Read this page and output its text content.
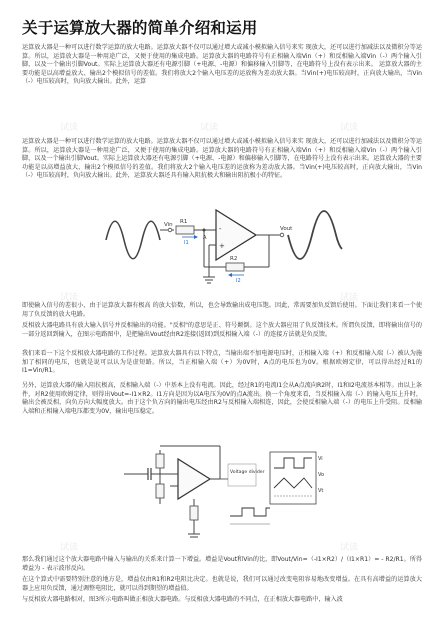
关于运算放大器的简单介绍和运用
运算放大器是一种可以进行数学运算的放大电路。运算放大器不仅可以通过增大或减小模拟输入信号来实 现放大，还可以进行加减法以及微积分等运算。所以，运算放大器是一种用途广泛，又便于使用的集成电路。运算放大器的电路符号有正相输入端Vin（+）和反相输入端Vin（-）两个输入引脚，以及一个输出引脚Vout。实际上运算放大器还有电源引脚（+电源、-电源）和偏移输入引脚等，在电路符号上没有表示出来。 运算放大器的主要功能是以高增益放大、输出2个模拟信号的差值。我们将放大2个输入电压差的运放称为差动放大器。当Vin(+)电压较高时，正向放大输出，当Vin（-）电压较高时，负向放大输出。此外，运算
运算放大器是一种可以进行数学运算的放大电路。运算放大器不仅可以通过增大或减小模拟输入信号来实 现放大，还可以进行加减法以及微积分等运算。所以，运算放大器是一种用途广泛，又便于使用的集成电路。运算放大器的电路符号有正相输入端Vin（+）和反相输入端Vin（-）两个输入引脚，以及一个输出引脚Vout。实际上运算放大器还有电源引脚（+电源、-电源）和偏移输入引脚等，在电路符号上没有表示出来。运算放大器的主要功能是以高增益放大、输出2个模拟信号的差值。我们将放大2个输入电压差的运放称为差动放大器。当Vin(+)电压较高时，正向放大输出，当Vin（-）电压较高时，负向放大输出。此外，运算放大器还具有输入阻抗极大和输出阻抗极小的特征。
Vin R1
A
I1
-
+
Vout
R2
I2
即使输入信号的差很小，由于运算放大器有极高 的放大倍数，所以，也会导致输出成电压饱。因此，常需要加负反馈后使用。下面让我们来看一个使用了负反馈的放大电路。
反相放大器电路具有放大输入信号并反相输出的功能。"反相"的意思是正、符号颠倒。这个放大器应用了负反馈技术。所谓负反馈，即将输出信号的一部分返回到输入，在图示电路图中，是把输出Vout经由R2连接(返回)到反相输入端（-）的连接方法就是负反馈。
我们来看一下这个反相放大器电路的工作过程。运算放大器具有以下特点，当输出端不加电源电压时，正相输入端（+）和反相输入端（-）被认为施加了相同的电压，也就是说可以认为是虚短路。所以，当正相输入端（+）为0V时，A点的电压也为0V。根据欧姆定律，可以得出经过R1的I1=Vin/R1。
另外，运算放大器的输入阻抗极高，反相输入端（-）中基本上没有电流。因此，经过R1的电流I1会从A点流向R2时，I1和I2电流基本相等。由以上条件，对R2使用欧姆定律，则得出Vout=-I1×R2。I1方向是因为以A电压为0V的点A流出。换一个角度来看，当反相输入端（-）的输入电压上升时，输出会被反相，向负方向大幅度放大。由于这个负方向的输出电压经由R2与反相输入端相连，因此，会使反相输入端（-）的电压上升受阻。反相输入端和正相输入端电压都变为0V，输出电压稳定。
Voltage divider
Vi
Vo
Vt
那么我们通过这个放大器电路中输入与输出的关系来计算一下增益。增益是Vout和Vin的比，即Vout/Vin=（-I1×R2）/（I1×R1）= - R2/R1。所得增益为 - 表示波形反向。
在这个算式中需要特别注意的地方是，增益仅由R1和R2电阻比决定。也就是说，我们可以通过改变电阻容易地改变增益。在具有高增益的运算放大器上应用负反馈，通过调整电阻比，就可以得到期望的增益值。
与反相放大器电路相对，图3所示电路叫做正相放大器电路。与反相放大器电路的不同点，在正相放大器电路中，输入波
试读	试读	试读
试读	试读
试读	试读
